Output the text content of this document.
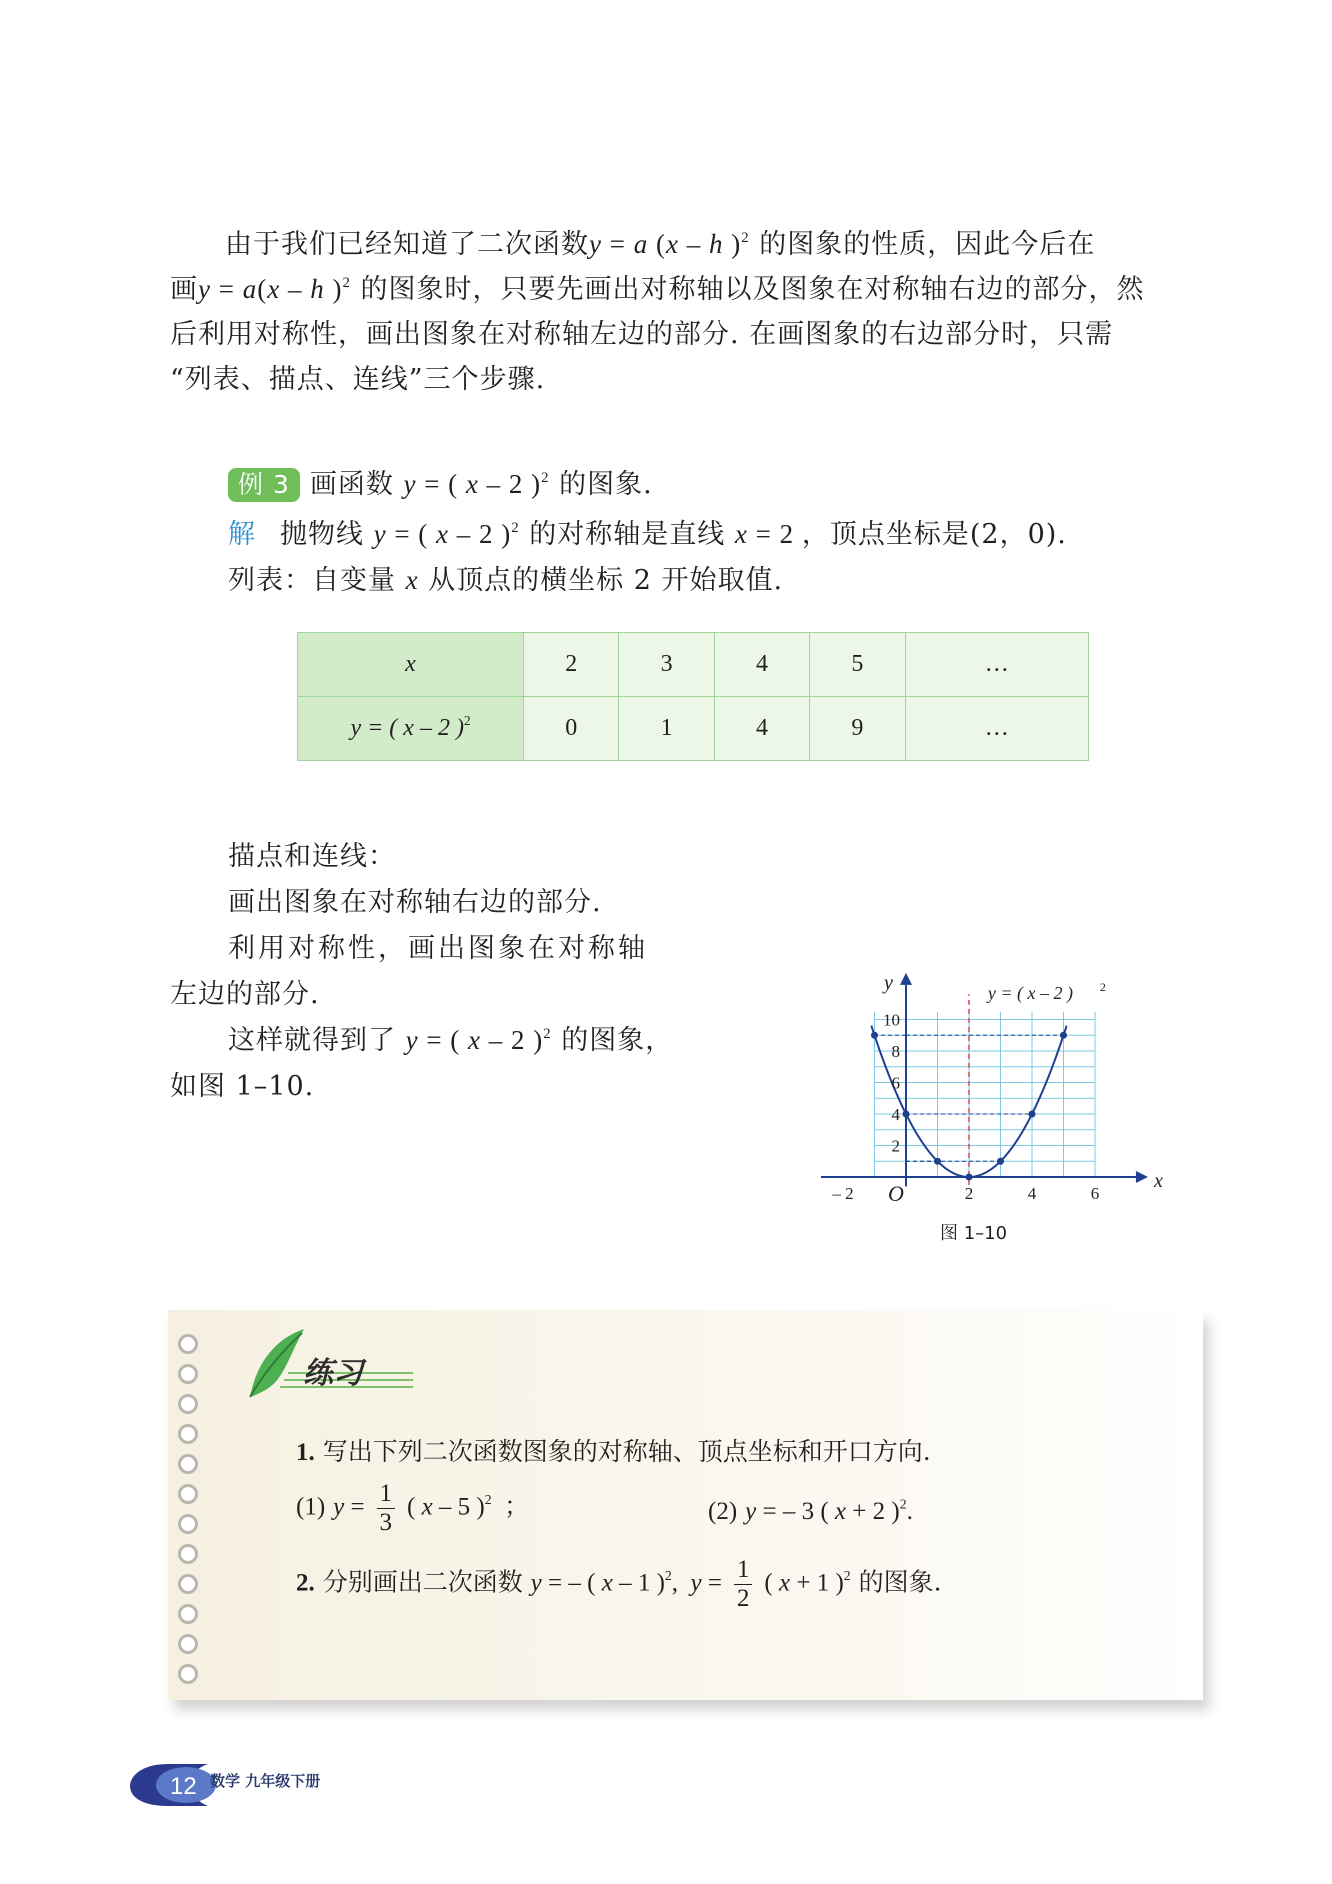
由于我们已经知道了二次函数y = a (x – h )$^2$ 的图象的性质，因此今后在
画y = a(x – h )$^2$ 的图象时，只要先画出对称轴以及图象在对称轴右边的部分，然
后利用对称性，画出图象在对称轴左边的部分. 在画图象的右边部分时，只需
“列表、描点、连线”三个步骤.
例 3 画函数 y = ( x – 2 )$^2$ 的图象.
解 抛物线 y = ( x – 2 )$^2$ 的对称轴是直线 x = 2 ，顶点坐标是(2，0).
列表：自变量 x 从顶点的横坐标 2 开始取值.
x	2	3	4	5	…
y = ( x – 2 )$^2$	0	1	4	9	…
描点和连线：
画出图象在对称轴右边的部分.
利用对称性，画出图象在对称轴
左边的部分.
这样就得到了 y = ( x – 2 )$^2$ 的图象，
如图 1–10.
– 2	2	4	6
2
4
6
8
10
O	x
y	y = ( x – 2 ) 2
图 1–10
练习
1. 写出下列二次函数图象的对称轴、顶点坐标和开口方向.
(1) $y = \frac{1}{3}$ ( x – 5 )$^2$  ；	(2) y = – 3 ( x + 2 )$^2$.
2. 分别画出二次函数 y = – ( x – 1 )$^2$,  $y = \frac{1}{2}$ ( x + 1 )$^2$ 的图象.
12 数学 九年级下册
